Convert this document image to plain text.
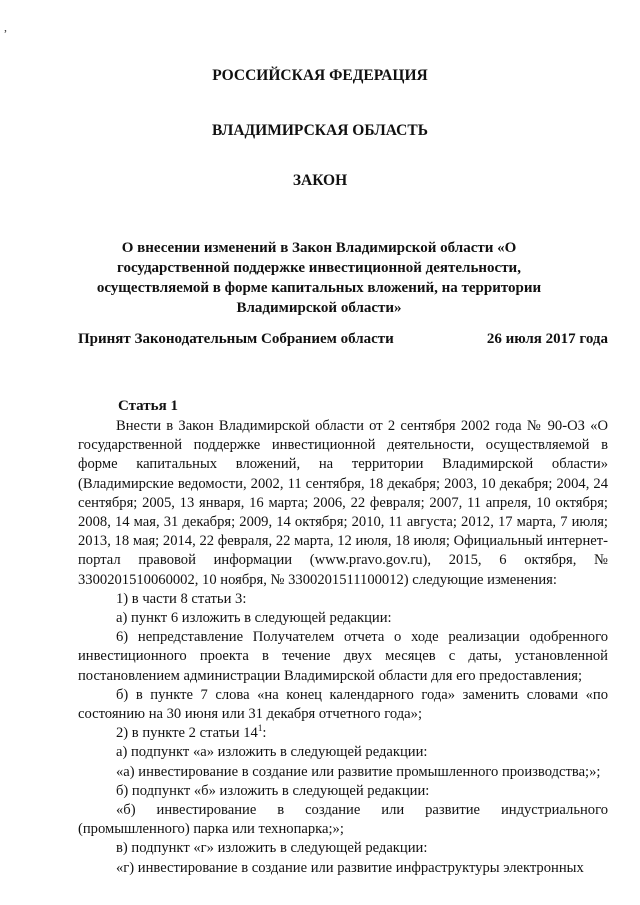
,
РОССИЙСКАЯ ФЕДЕРАЦИЯ
ВЛАДИМИРСКАЯ ОБЛАСТЬ
ЗАКОН
О внесении изменений в Закон Владимирской области «О государственной поддержке инвестиционной деятельности, осуществляемой в форме капитальных вложений, на территории Владимирской области»
Принят Законодательным Собранием области	26 июля 2017 года
Статья 1

Внести в Закон Владимирской области от 2 сентября 2002 года № 90-ОЗ «О государственной поддержке инвестиционной деятельности, осуществляемой в форме капитальных вложений, на территории Владимирской области» (Владимирские ведомости, 2002, 11 сентября, 18 декабря; 2003, 10 декабря; 2004, 24 сентября; 2005, 13 января, 16 марта; 2006, 22 февраля; 2007, 11 апреля, 10 октября; 2008, 14 мая, 31 декабря; 2009, 14 октября; 2010, 11 августа; 2012, 17 марта, 7 июля; 2013, 18 мая; 2014, 22 февраля, 22 марта, 12 июля, 18 июля; Официальный интернет-портал правовой информации (www.pravo.gov.ru), 2015, 6 октября, № 3300201510060002, 10 ноября, № 3300201511100012) следующие изменения:

1) в части 8 статьи 3:

а) пункт 6 изложить в следующей редакции:

6) непредставление Получателем отчета о ходе реализации одобренного инвестиционного проекта в течение двух месяцев с даты, установленной постановлением администрации Владимирской области для его предоставления;

б) в пункте 7 слова «на конец календарного года» заменить словами «по состоянию на 30 июня или 31 декабря отчетного года»;

2) в пункте 2 статьи $14^1$:

а) подпункт «а» изложить в следующей редакции:

«а) инвестирование в создание или развитие промышленного производства;»;

б) подпункт «б» изложить в следующей редакции:

«б) инвестирование в создание или развитие индустриального (промышленного) парка или технопарка;»;

в) подпункт «г» изложить в следующей редакции:

«г) инвестирование в создание или развитие инфраструктуры электронных
